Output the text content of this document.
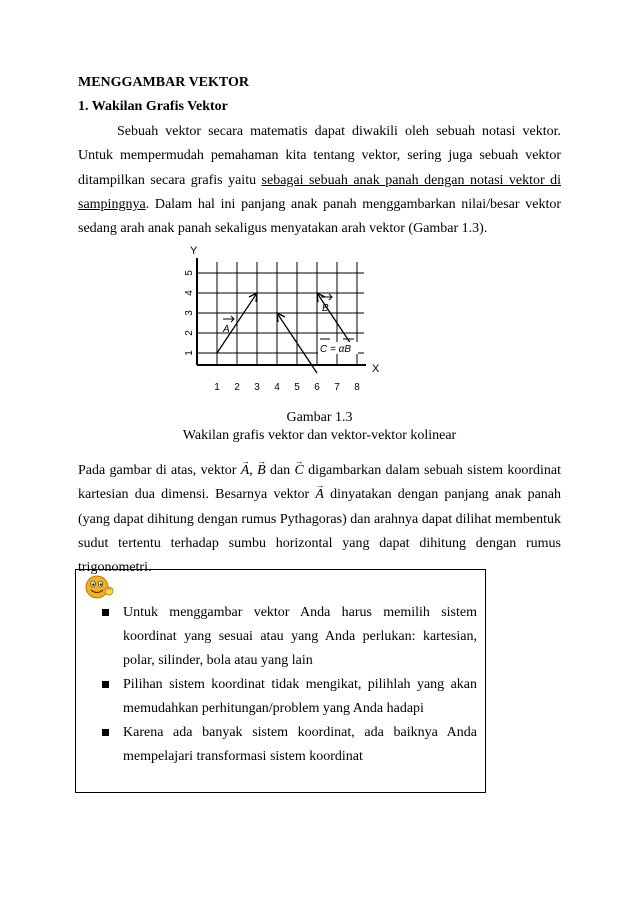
MENGGAMBAR VEKTOR
1. Wakilan Grafis Vektor
Sebuah vektor secara matematis dapat diwakili oleh sebuah notasi vektor. Untuk mempermudah pemahaman kita tentang vektor, sering juga sebuah vektor ditampilkan secara grafis yaitu sebagai sebuah anak panah dengan notasi vektor di sampingnya. Dalam hal ini panjang anak panah menggambarkan nilai/besar vektor sedang arah anak panah sekaligus menyatakan arah vektor (Gambar 1.3).
1 2 3 4 5 6 7 8
1
2
3
4
5
Y
X
A
B
C = αB
Gambar 1.3
Wakilan grafis vektor dan vektor-vektor kolinear
Pada gambar di atas, vektor → A, → B dan → C digambarkan dalam sebuah sistem koordinat kartesian dua dimensi. Besarnya vektor → A dinyatakan dengan panjang anak panah (yang dapat dihitung dengan rumus Pythagoras) dan arahnya dapat dilihat membentuk sudut tertentu terhadap sumbu horizontal yang dapat dihitung dengan rumus trigonometri.
Untuk menggambar vektor Anda harus memilih sistem koordinat yang sesuai atau yang Anda perlukan: kartesian, polar, silinder, bola atau yang lain
Pilihan sistem koordinat tidak mengikat, pilihlah yang akan memudahkan perhitungan/problem yang Anda hadapi
Karena ada banyak sistem koordinat, ada baiknya Anda mempelajari transformasi sistem koordinat
